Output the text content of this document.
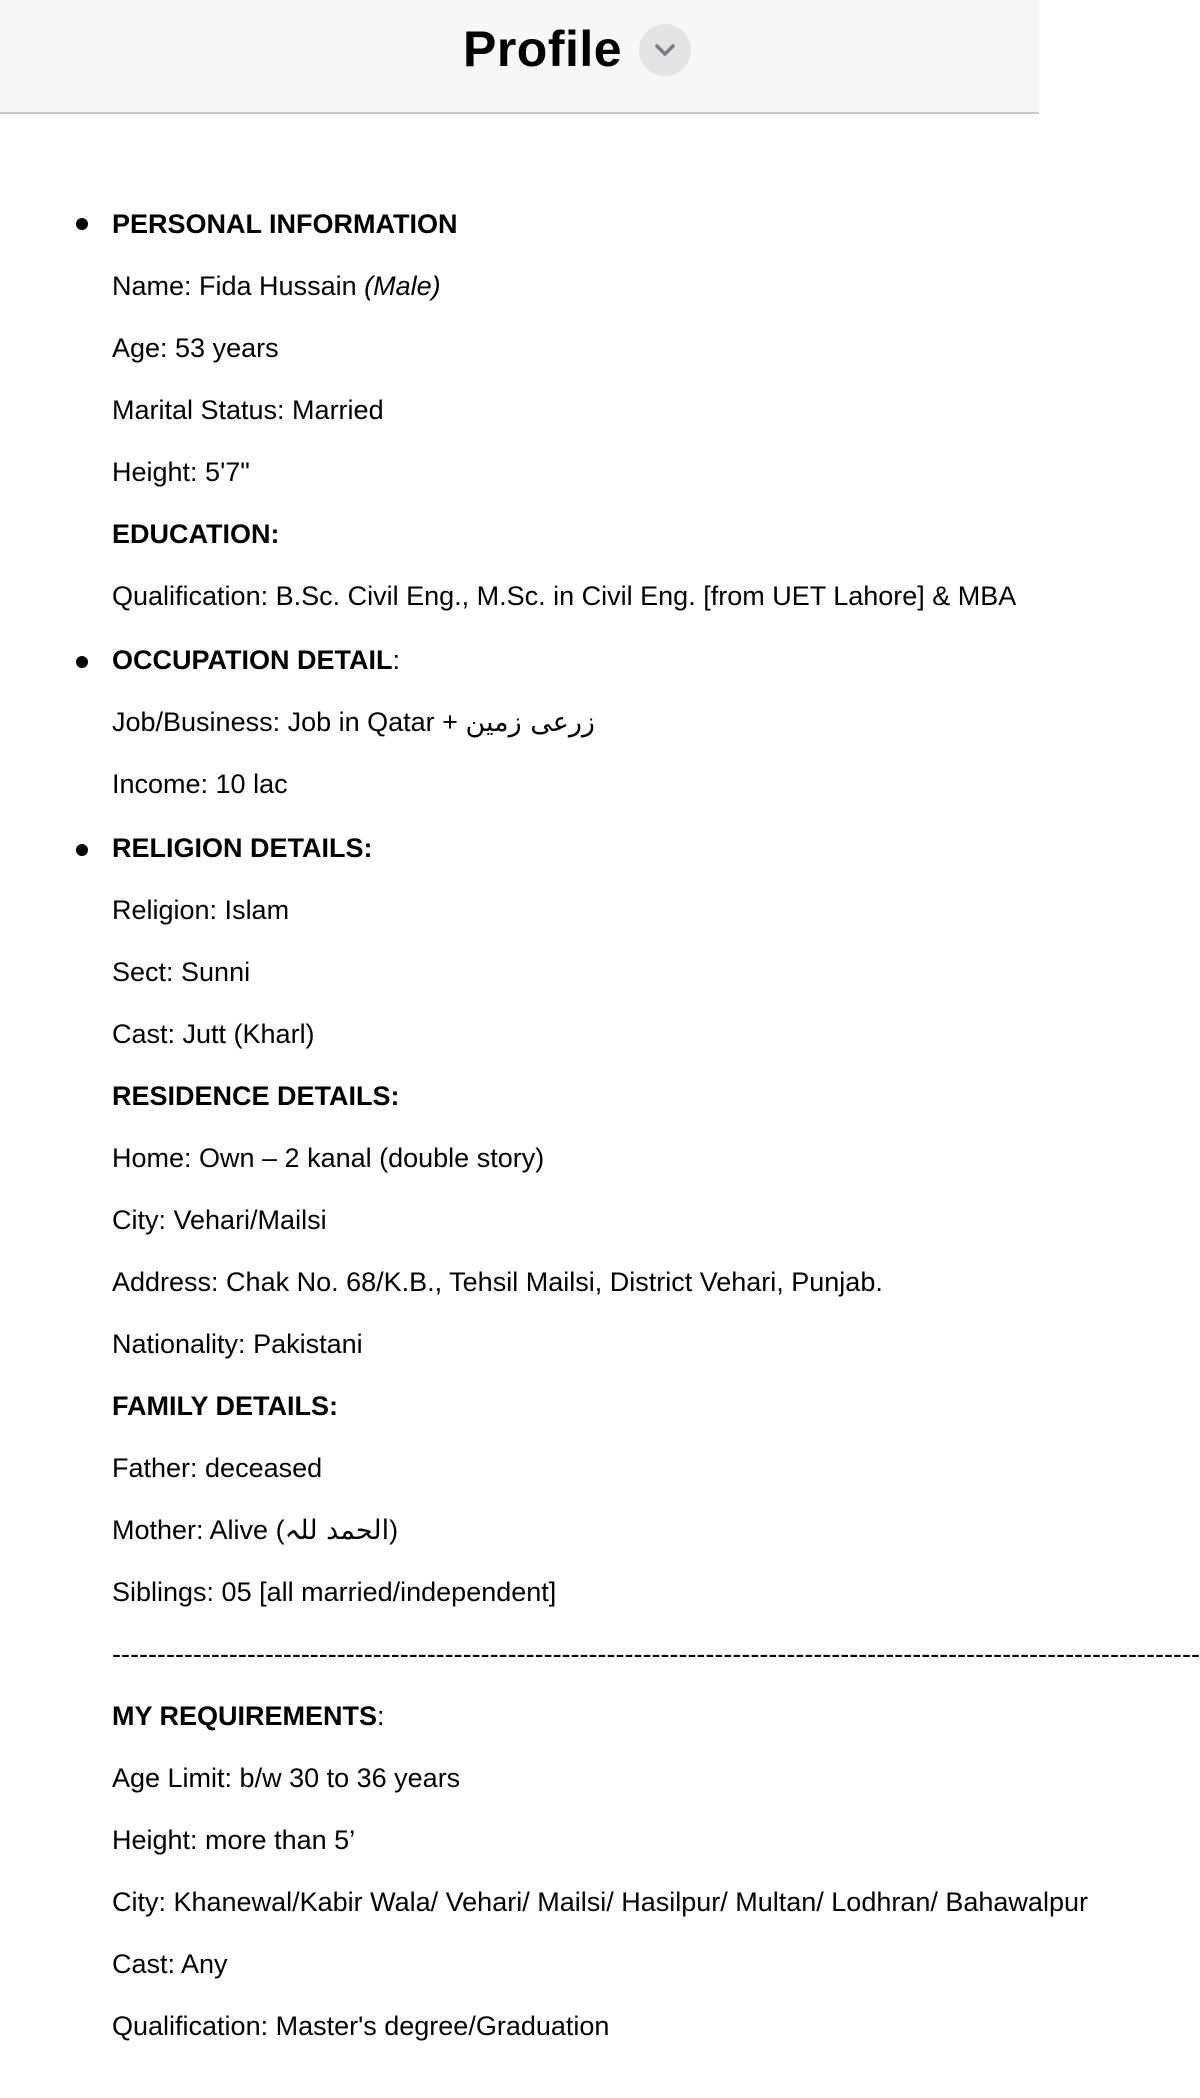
Profile
PERSONAL INFORMATION
Name: Fida Hussain (Male)
Age: 53 years
Marital Status: Married
Height: 5'7"
EDUCATION:
Qualification: B.Sc. Civil Eng., M.Sc. in Civil Eng. [from UET Lahore] & MBA
OCCUPATION DETAIL:
Job/Business: Job in Qatar + زرعی زمین
Income: 10 lac
RELIGION DETAILS:
Religion: Islam
Sect: Sunni
Cast: Jutt (Kharl)
RESIDENCE DETAILS:
Home: Own – 2 kanal (double story)
City: Vehari/Mailsi
Address: Chak No. 68/K.B., Tehsil Mailsi, District Vehari, Punjab.
Nationality: Pakistani
FAMILY DETAILS:
Father: deceased
Mother: Alive (الحمد للہ)
Siblings: 05 [all married/independent]
-------------------------------------------------------------------------------------------------------------------------
MY REQUIREMENTS:
Age Limit: b/w 30 to 36 years
Height: more than 5’
City: Khanewal/Kabir Wala/ Vehari/ Mailsi/ Hasilpur/ Multan/ Lodhran/ Bahawalpur
Cast: Any
Qualification: Master's degree/Graduation
